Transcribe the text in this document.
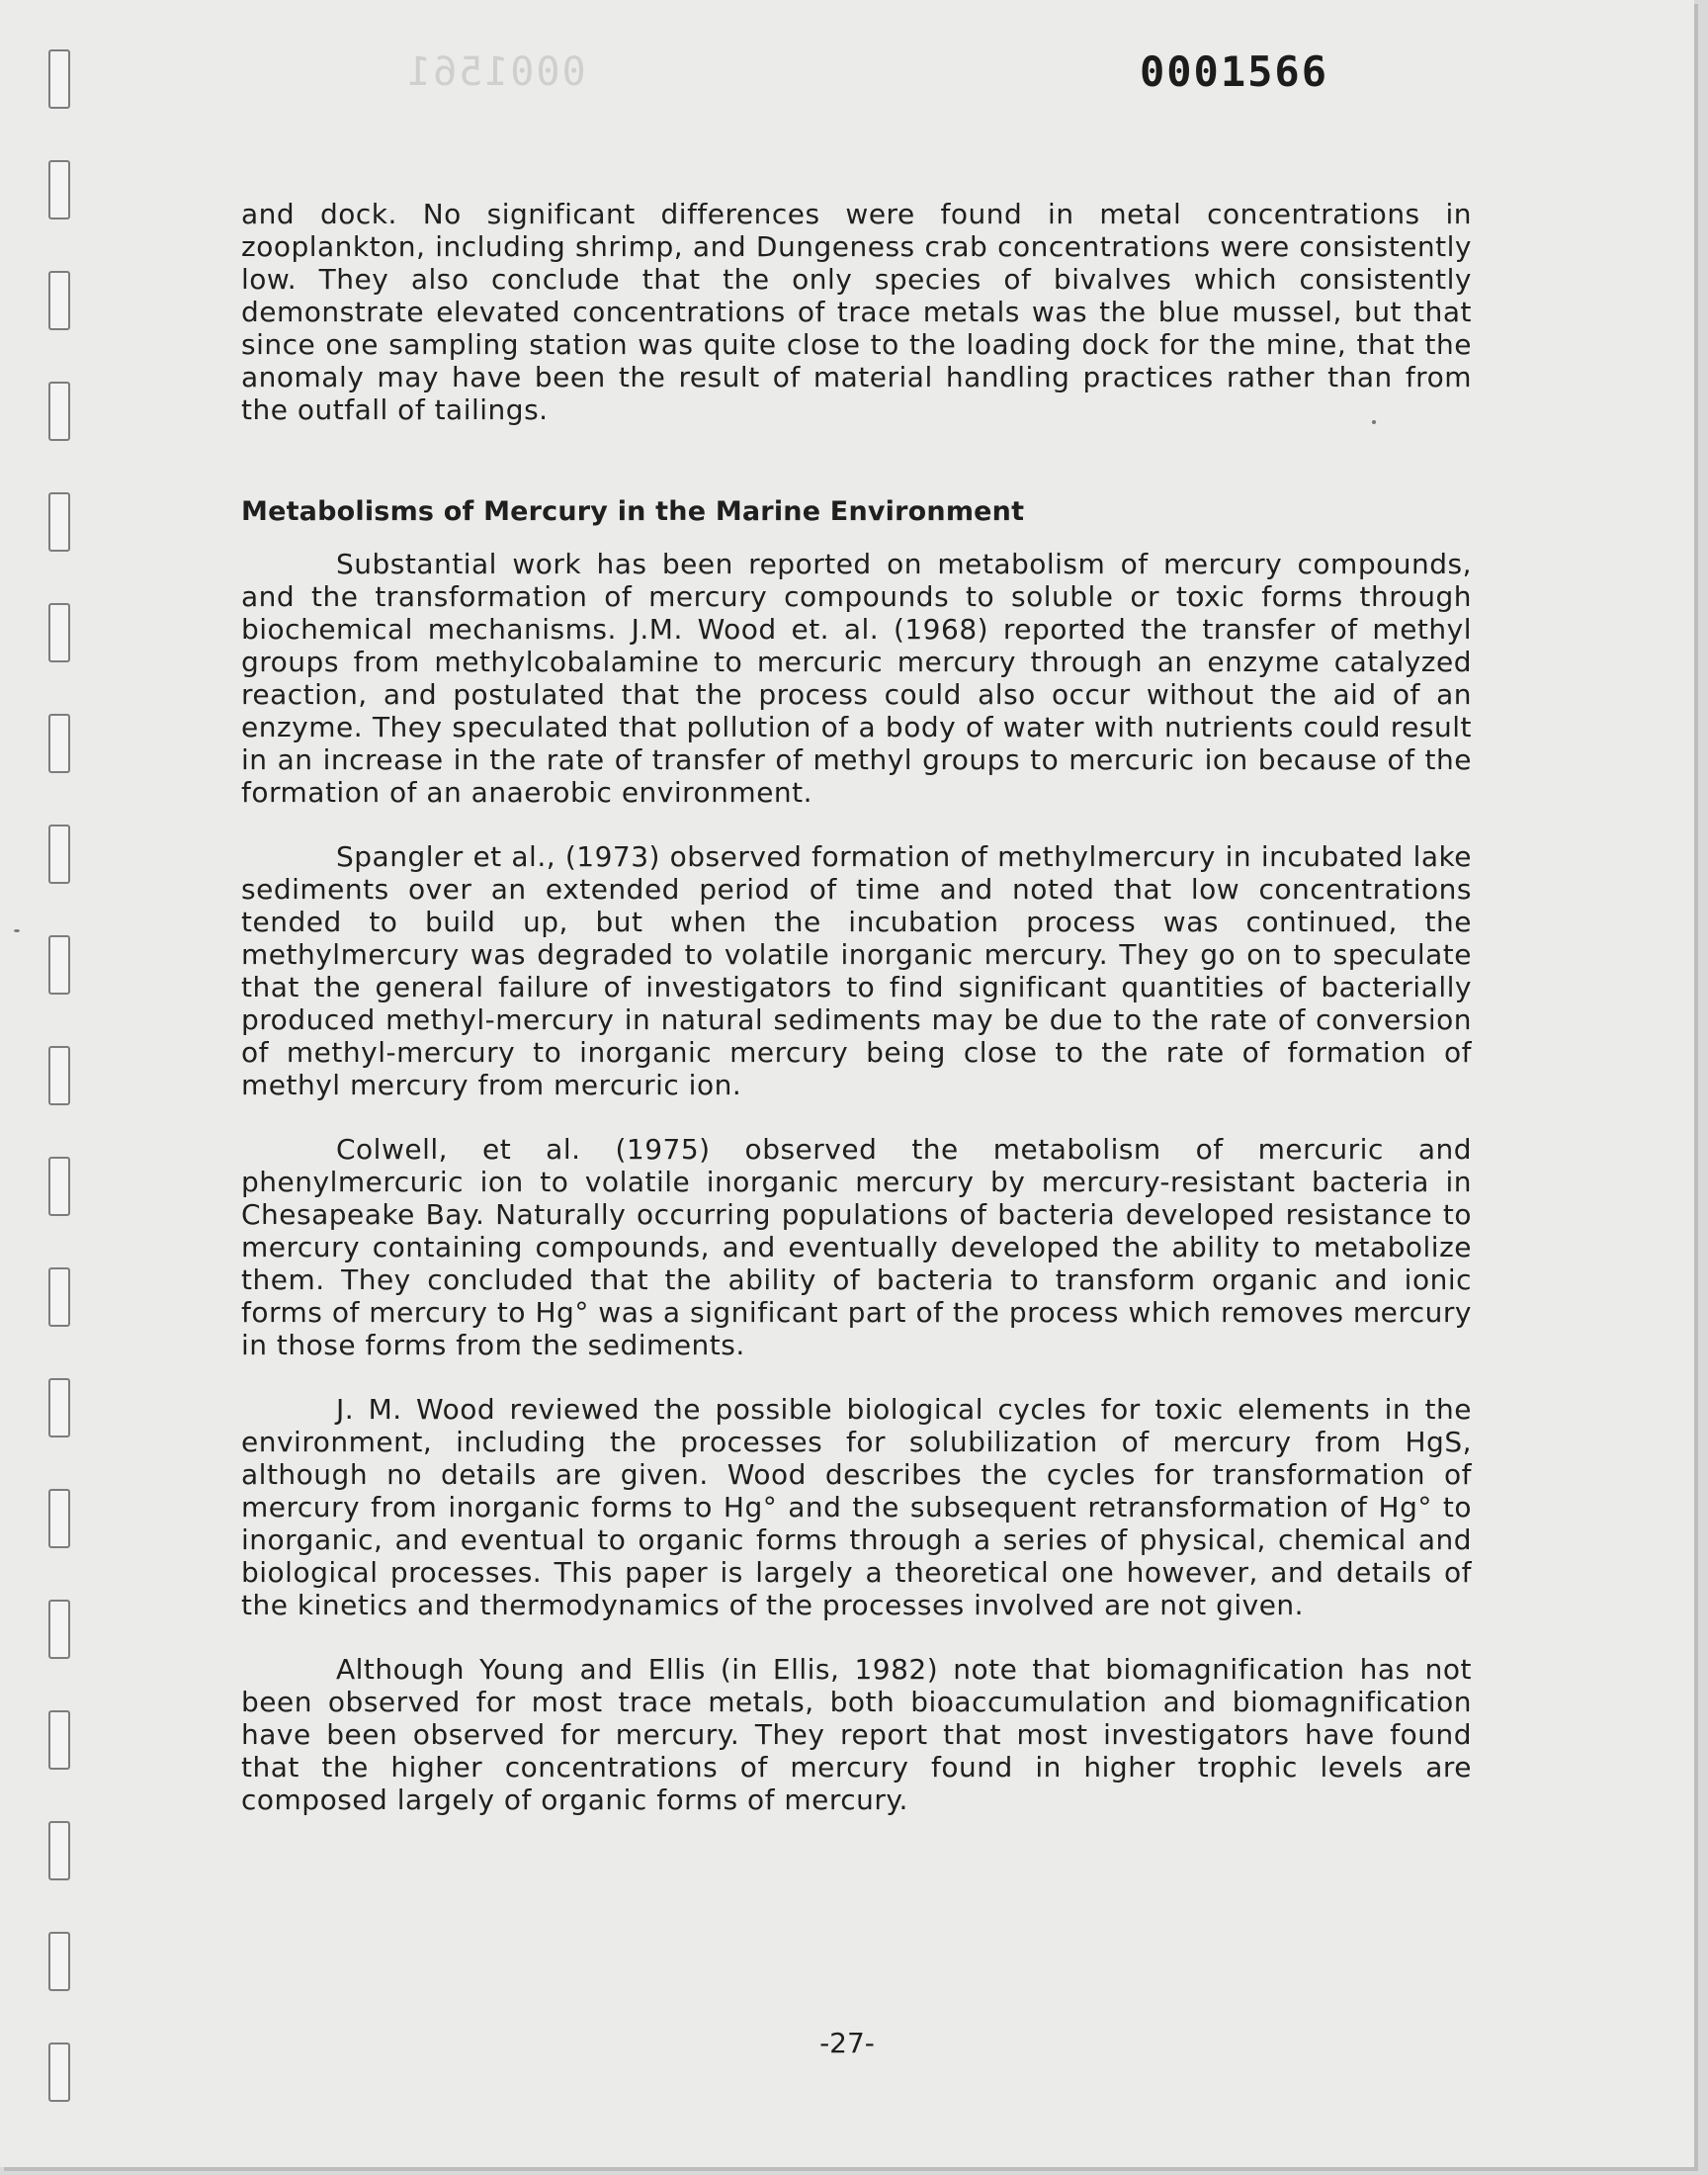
0001561	0001566

and dock. No significant differences were found in metal concentrations in zooplankton, including shrimp, and Dungeness crab concentrations were consistently low. They also conclude that the only species of bivalves which consistently demonstrate elevated concentrations of trace metals was the blue mussel, but that since one sampling station was quite close to the loading dock for the mine, that the anomaly may have been the result of material handling practices rather than from the outfall of tailings.

Metabolisms of Mercury in the Marine Environment

Substantial work has been reported on metabolism of mercury compounds, and the transformation of mercury compounds to soluble or toxic forms through biochemical mechanisms. J.M. Wood et. al. (1968) reported the transfer of methyl groups from methylcobalamine to mercuric mercury through an enzyme catalyzed reaction, and postulated that the process could also occur without the aid of an enzyme. They speculated that pollution of a body of water with nutrients could result in an increase in the rate of transfer of methyl groups to mercuric ion because of the formation of an anaerobic environment.

Spangler et al., (1973) observed formation of methylmercury in incubated lake sediments over an extended period of time and noted that low concentrations tended to build up, but when the incubation process was continued, the methylmercury was degraded to volatile inorganic mercury. They go on to speculate that the general failure of investigators to find significant quantities of bacterially produced methyl-mercury in natural sediments may be due to the rate of conversion of methyl-mercury to inorganic mercury being close to the rate of formation of methyl mercury from mercuric ion.

Colwell, et al. (1975) observed the metabolism of mercuric and phenylmercuric ion to volatile inorganic mercury by mercury-resistant bacteria in Chesapeake Bay. Naturally occurring populations of bacteria developed resistance to mercury containing compounds, and eventually developed the ability to metabolize them. They concluded that the ability of bacteria to transform organic and ionic forms of mercury to Hg° was a significant part of the process which removes mercury in those forms from the sediments.

J. M. Wood reviewed the possible biological cycles for toxic elements in the environment, including the processes for solubilization of mercury from HgS, although no details are given. Wood describes the cycles for transformation of mercury from inorganic forms to Hg° and the subsequent retransformation of Hg° to inorganic, and eventual to organic forms through a series of physical, chemical and biological processes. This paper is largely a theoretical one however, and details of the kinetics and thermodynamics of the processes involved are not given.

Although Young and Ellis (in Ellis, 1982) note that biomagnification has not been observed for most trace metals, both bioaccumulation and biomagnification have been observed for mercury. They report that most investigators have found that the higher concentrations of mercury found in higher trophic levels are composed largely of organic forms of mercury.

-27-
